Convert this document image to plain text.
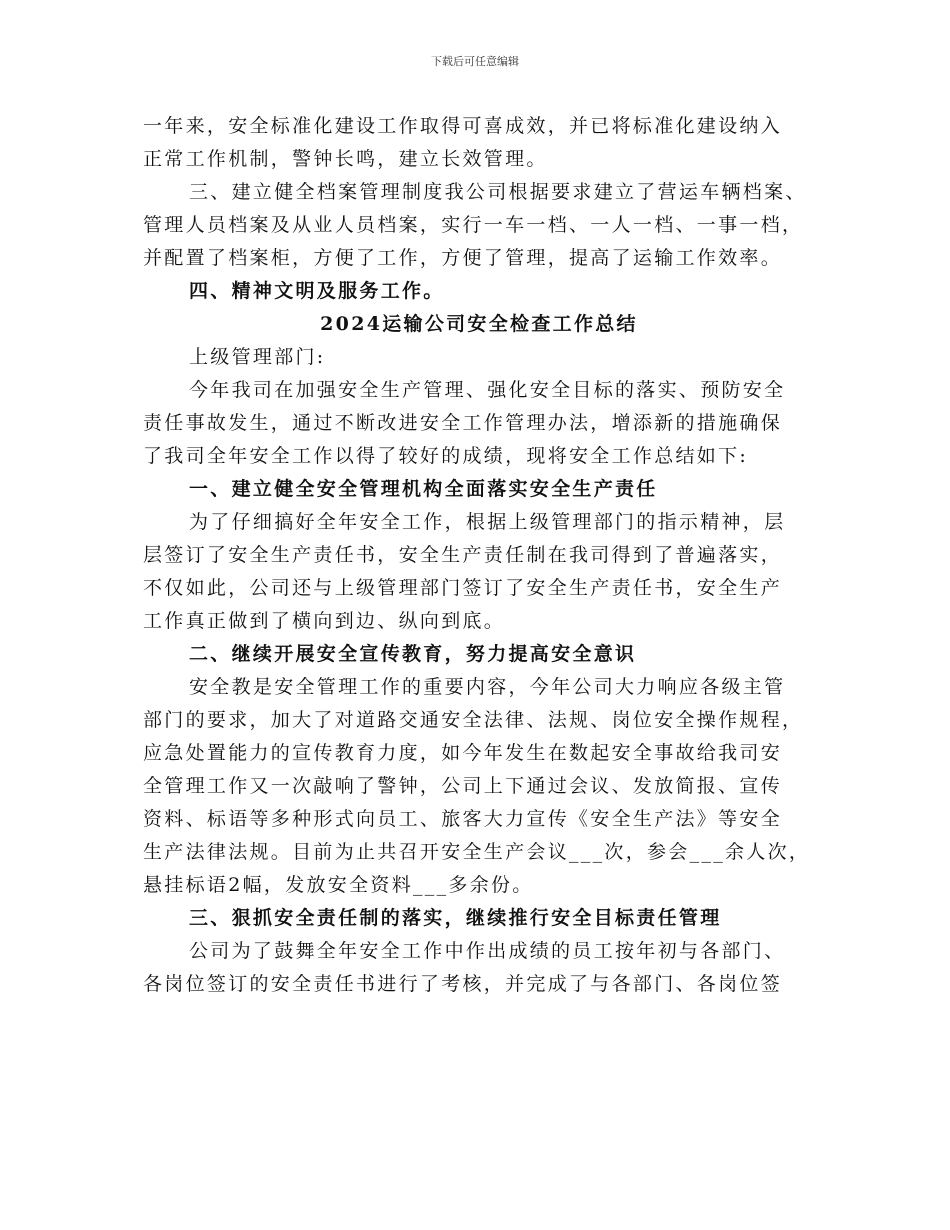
下载后可任意编辑
一年来，安全标准化建设工作取得可喜成效，并已将标准化建设纳入
正常工作机制，警钟长鸣，建立长效管理。
三、建立健全档案管理制度我公司根据要求建立了营运车辆档案、
管理人员档案及从业人员档案，实行一车一档、一人一档、一事一档，
并配置了档案柜，方便了工作，方便了管理，提高了运输工作效率。
四、精神文明及服务工作。
2024运输公司安全检查工作总结
上级管理部门:
今年我司在加强安全生产管理、强化安全目标的落实、预防安全
责任事故发生，通过不断改进安全工作管理办法，增添新的措施确保
了我司全年安全工作以得了较好的成绩，现将安全工作总结如下:
一、建立健全安全管理机构全面落实安全生产责任
为了仔细搞好全年安全工作，根据上级管理部门的指示精神，层
层签订了安全生产责任书，安全生产责任制在我司得到了普遍落实，
不仅如此，公司还与上级管理部门签订了安全生产责任书，安全生产
工作真正做到了横向到边、纵向到底。
二、继续开展安全宣传教育，努力提高安全意识
安全教是安全管理工作的重要内容，今年公司大力响应各级主管
部门的要求，加大了对道路交通安全法律、法规、岗位安全操作规程，
应急处置能力的宣传教育力度，如今年发生在数起安全事故给我司安
全管理工作又一次敲响了警钟，公司上下通过会议、发放简报、宣传
资料、标语等多种形式向员工、旅客大力宣传《安全生产法》等安全
生产法律法规。目前为止共召开安全生产会议___次，参会___余人次，
悬挂标语2幅，发放安全资料___多余份。
三、狠抓安全责任制的落实，继续推行安全目标责任管理
公司为了鼓舞全年安全工作中作出成绩的员工按年初与各部门、
各岗位签订的安全责任书进行了考核，并完成了与各部门、各岗位签
